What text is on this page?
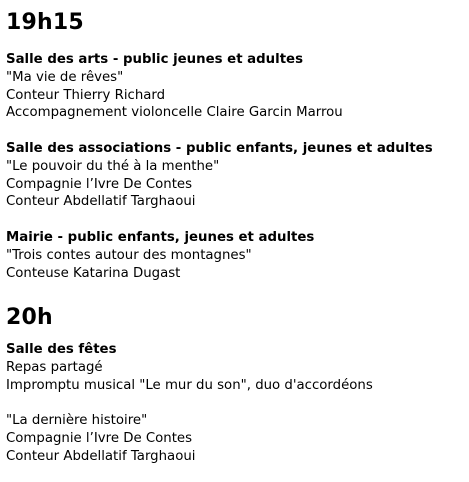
19h15

Salle des arts - public jeunes et adultes

"Ma vie de rêves"

Conteur Thierry Richard

Accompagnement violoncelle Claire Garcin Marrou

Salle des associations - public enfants, jeunes et adultes

"Le pouvoir du thé à la menthe"

Compagnie l’Ivre De Contes

Conteur Abdellatif Targhaoui

Mairie - public enfants, jeunes et adultes

"Trois contes autour des montagnes"

Conteuse Katarina Dugast

20h

Salle des fêtes

Repas partagé

Impromptu musical "Le mur du son", duo d'accordéons

"La dernière histoire"

Compagnie l’Ivre De Contes

Conteur Abdellatif Targhaoui
